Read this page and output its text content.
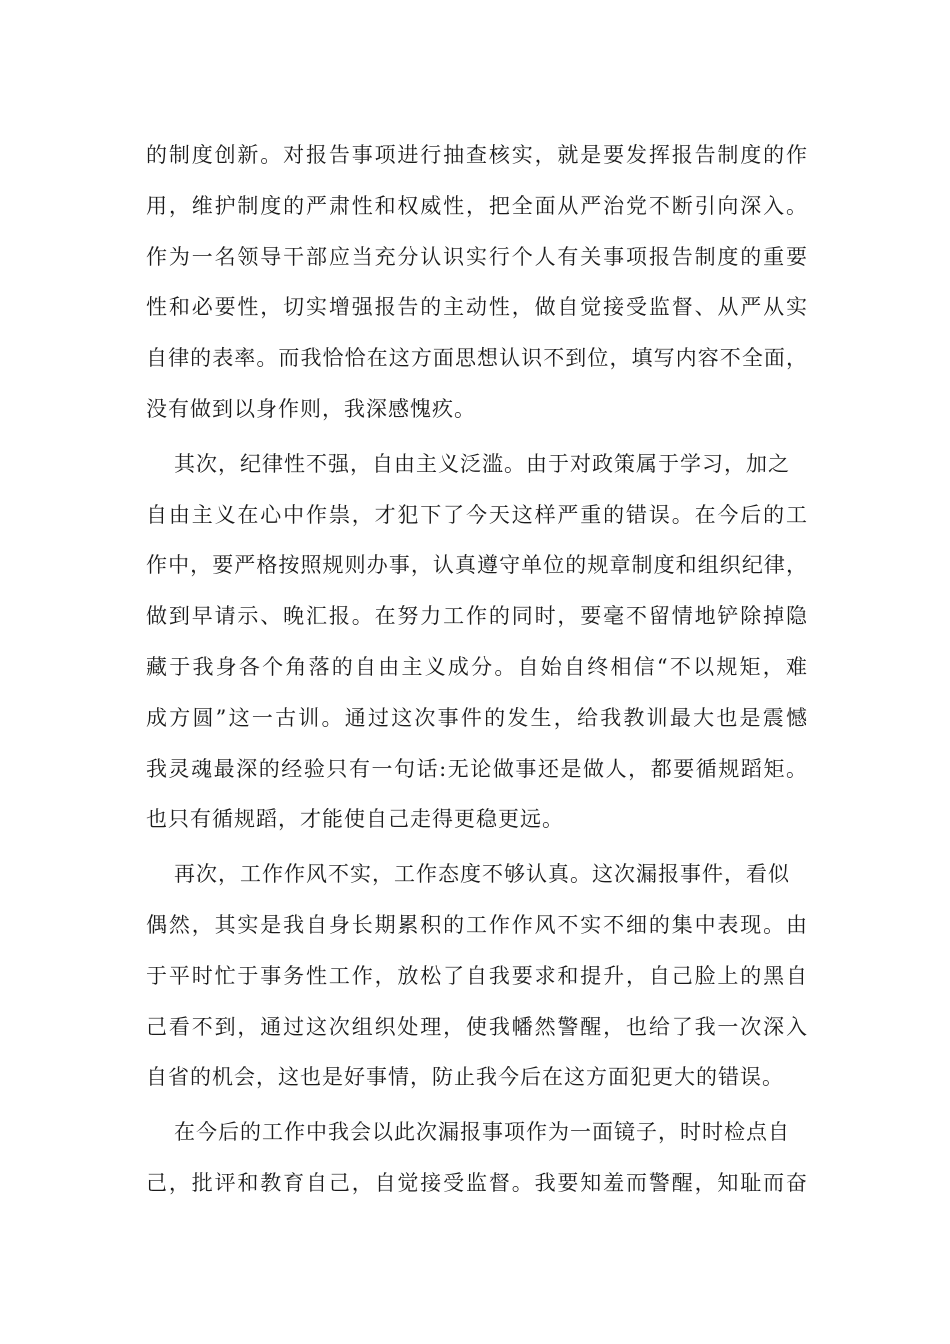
的制度创新。对报告事项进行抽查核实，就是要发挥报告制度的作
用，维护制度的严肃性和权威性，把全面从严治党不断引向深入。
作为一名领导干部应当充分认识实行个人有关事项报告制度的重要
性和必要性，切实增强报告的主动性，做自觉接受监督、从严从实
自律的表率。而我恰恰在这方面思想认识不到位，填写内容不全面，
没有做到以身作则，我深感愧疚。
其次，纪律性不强，自由主义泛滥。由于对政策属于学习，加之
自由主义在心中作祟，才犯下了今天这样严重的错误。在今后的工
作中，要严格按照规则办事，认真遵守单位的规章制度和组织纪律，
做到早请示、晚汇报。在努力工作的同时，要毫不留情地铲除掉隐
藏于我身各个角落的自由主义成分。自始自终相信“不以规矩，难
成方圆”这一古训。通过这次事件的发生，给我教训最大也是震憾
我灵魂最深的经验只有一句话:无论做事还是做人，都要循规蹈矩。
也只有循规蹈，才能使自己走得更稳更远。
再次，工作作风不实，工作态度不够认真。这次漏报事件，看似
偶然，其实是我自身长期累积的工作作风不实不细的集中表现。由
于平时忙于事务性工作，放松了自我要求和提升，自己脸上的黑自
己看不到，通过这次组织处理，使我幡然警醒，也给了我一次深入
自省的机会，这也是好事情，防止我今后在这方面犯更大的错误。
在今后的工作中我会以此次漏报事项作为一面镜子，时时检点自
己，批评和教育自己，自觉接受监督。我要知羞而警醒，知耻而奋
